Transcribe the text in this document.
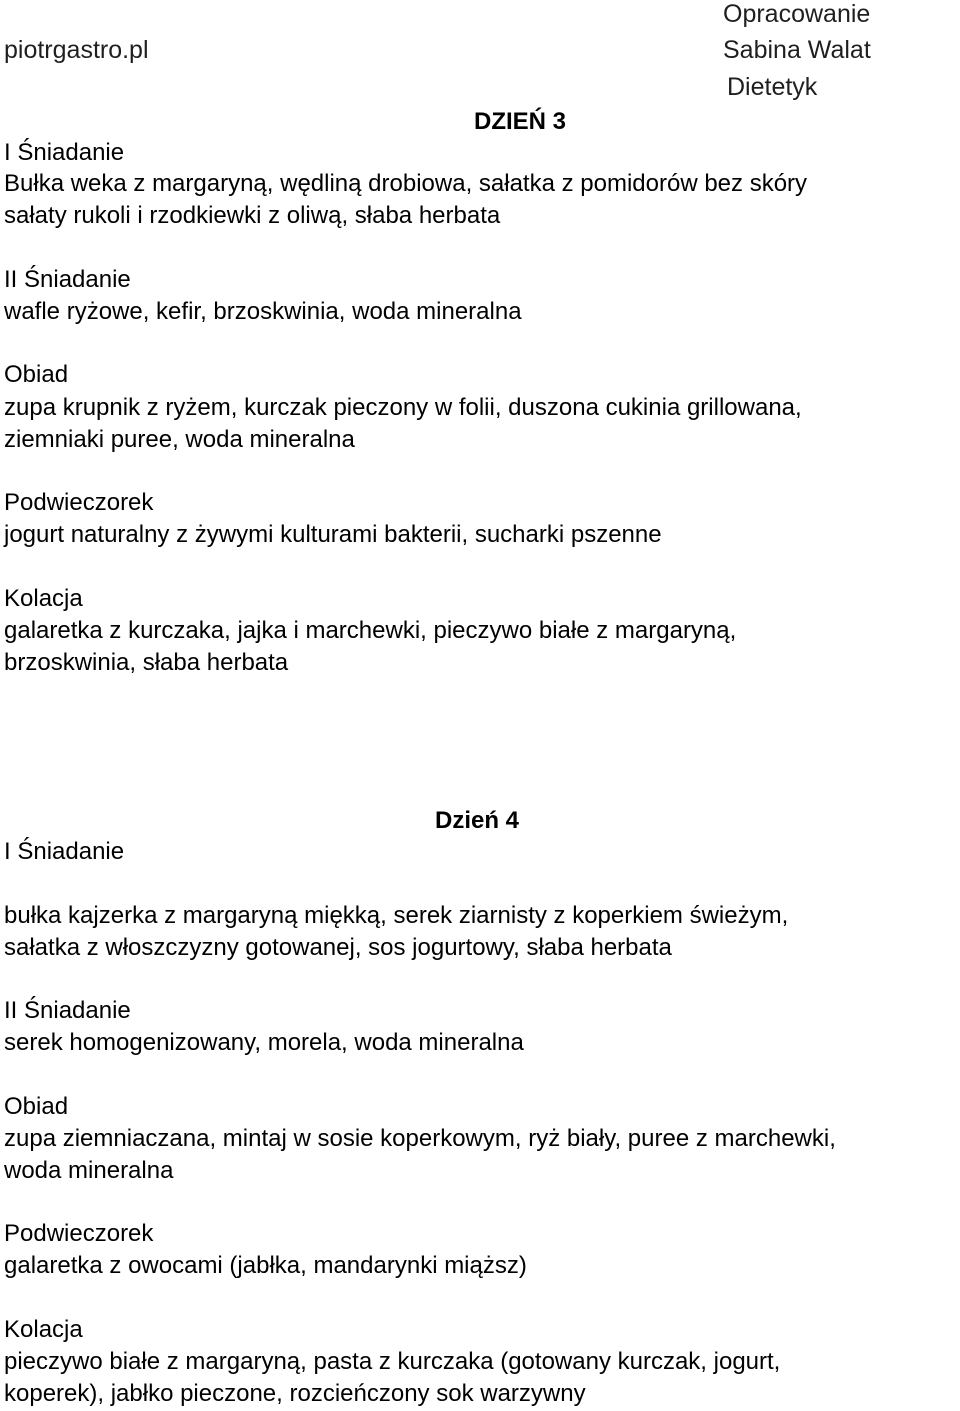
piotrgastro.pl
Opracowanie
Sabina Walat
Dietetyk
DZIEŃ 3
I Śniadanie
Bułka weka z margaryną, wędliną drobiowa, sałatka z pomidorów bez skóry
sałaty rukoli i rzodkiewki z oliwą, słaba herbata
II Śniadanie
wafle ryżowe, kefir, brzoskwinia, woda mineralna
Obiad
zupa krupnik z ryżem, kurczak pieczony w folii, duszona cukinia grillowana,
ziemniaki puree, woda mineralna
Podwieczorek
jogurt naturalny z żywymi kulturami bakterii, sucharki pszenne
Kolacja
galaretka z kurczaka, jajka i marchewki, pieczywo białe z margaryną,
brzoskwinia, słaba herbata
Dzień 4
I Śniadanie
bułka kajzerka z margaryną miękką, serek ziarnisty z koperkiem świeżym,
sałatka z włoszczyzny gotowanej, sos jogurtowy, słaba herbata
II Śniadanie
serek homogenizowany, morela, woda mineralna
Obiad
zupa ziemniaczana, mintaj w sosie koperkowym, ryż biały, puree z marchewki,
woda mineralna
Podwieczorek
galaretka z owocami (jabłka, mandarynki miąższ)
Kolacja
pieczywo białe z margaryną, pasta z kurczaka (gotowany kurczak, jogurt,
koperek), jabłko pieczone, rozcieńczony sok warzywny
